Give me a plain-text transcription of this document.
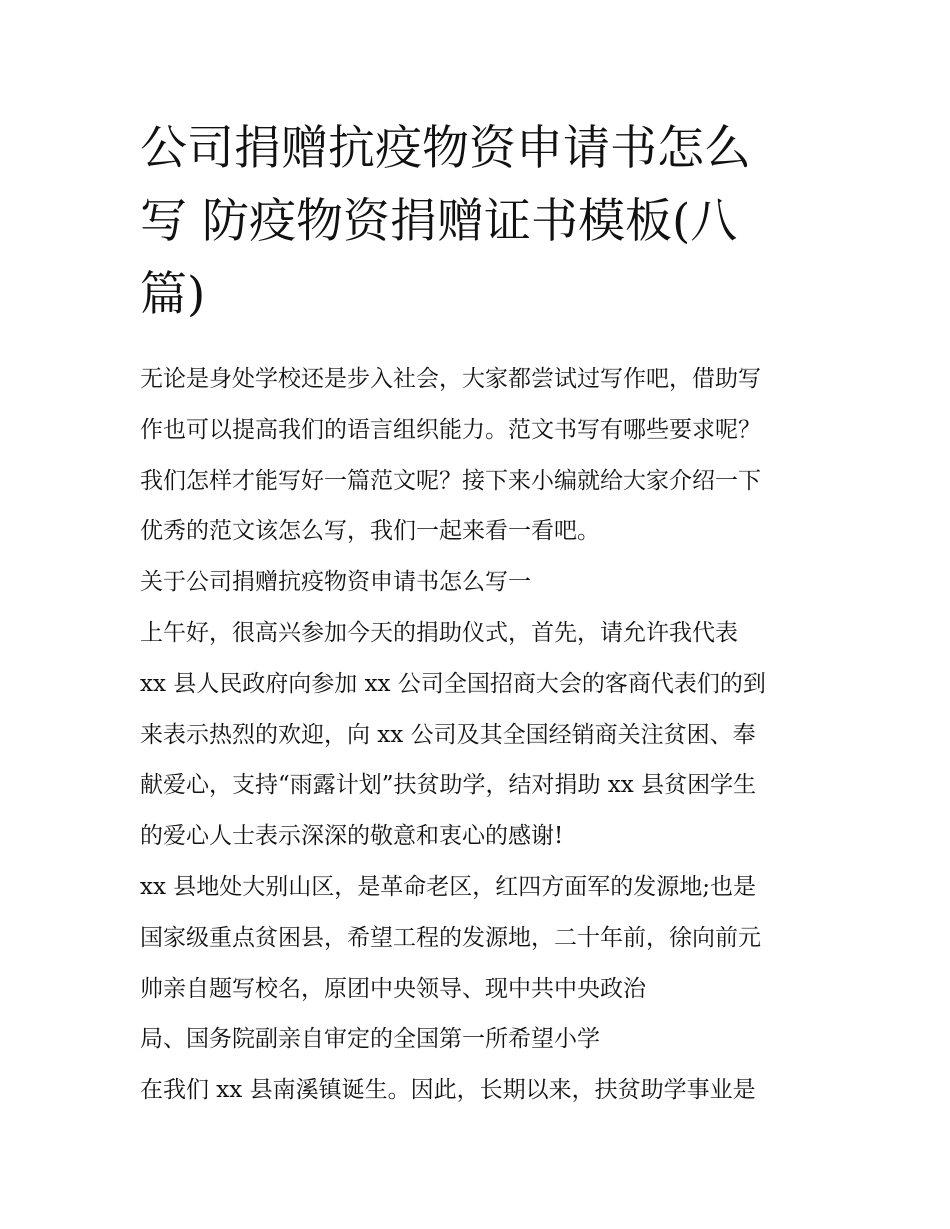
公司捐赠抗疫物资申请书怎么
写 防疫物资捐赠证书模板(八
篇)
无论是身处学校还是步入社会，大家都尝试过写作吧，借助写
作也可以提高我们的语言组织能力。范文书写有哪些要求呢？
我们怎样才能写好一篇范文呢？接下来小编就给大家介绍一下
优秀的范文该怎么写，我们一起来看一看吧。
关于公司捐赠抗疫物资申请书怎么写一
上午好，很高兴参加今天的捐助仪式，首先，请允许我代表
xx 县人民政府向参加 xx 公司全国招商大会的客商代表们的到
来表示热烈的欢迎，向 xx 公司及其全国经销商关注贫困、奉
献爱心，支持“雨露计划”扶贫助学，结对捐助 xx 县贫困学生
的爱心人士表示深深的敬意和衷心的感谢!
xx 县地处大别山区，是革命老区，红四方面军的发源地;也是
国家级重点贫困县，希望工程的发源地，二十年前，徐向前元
帅亲自题写校名，原团中央领导、现中共中央政治
局、国务院副亲自审定的全国第一所希望小学
在我们 xx 县南溪镇诞生。因此，长期以来，扶贫助学事业是
